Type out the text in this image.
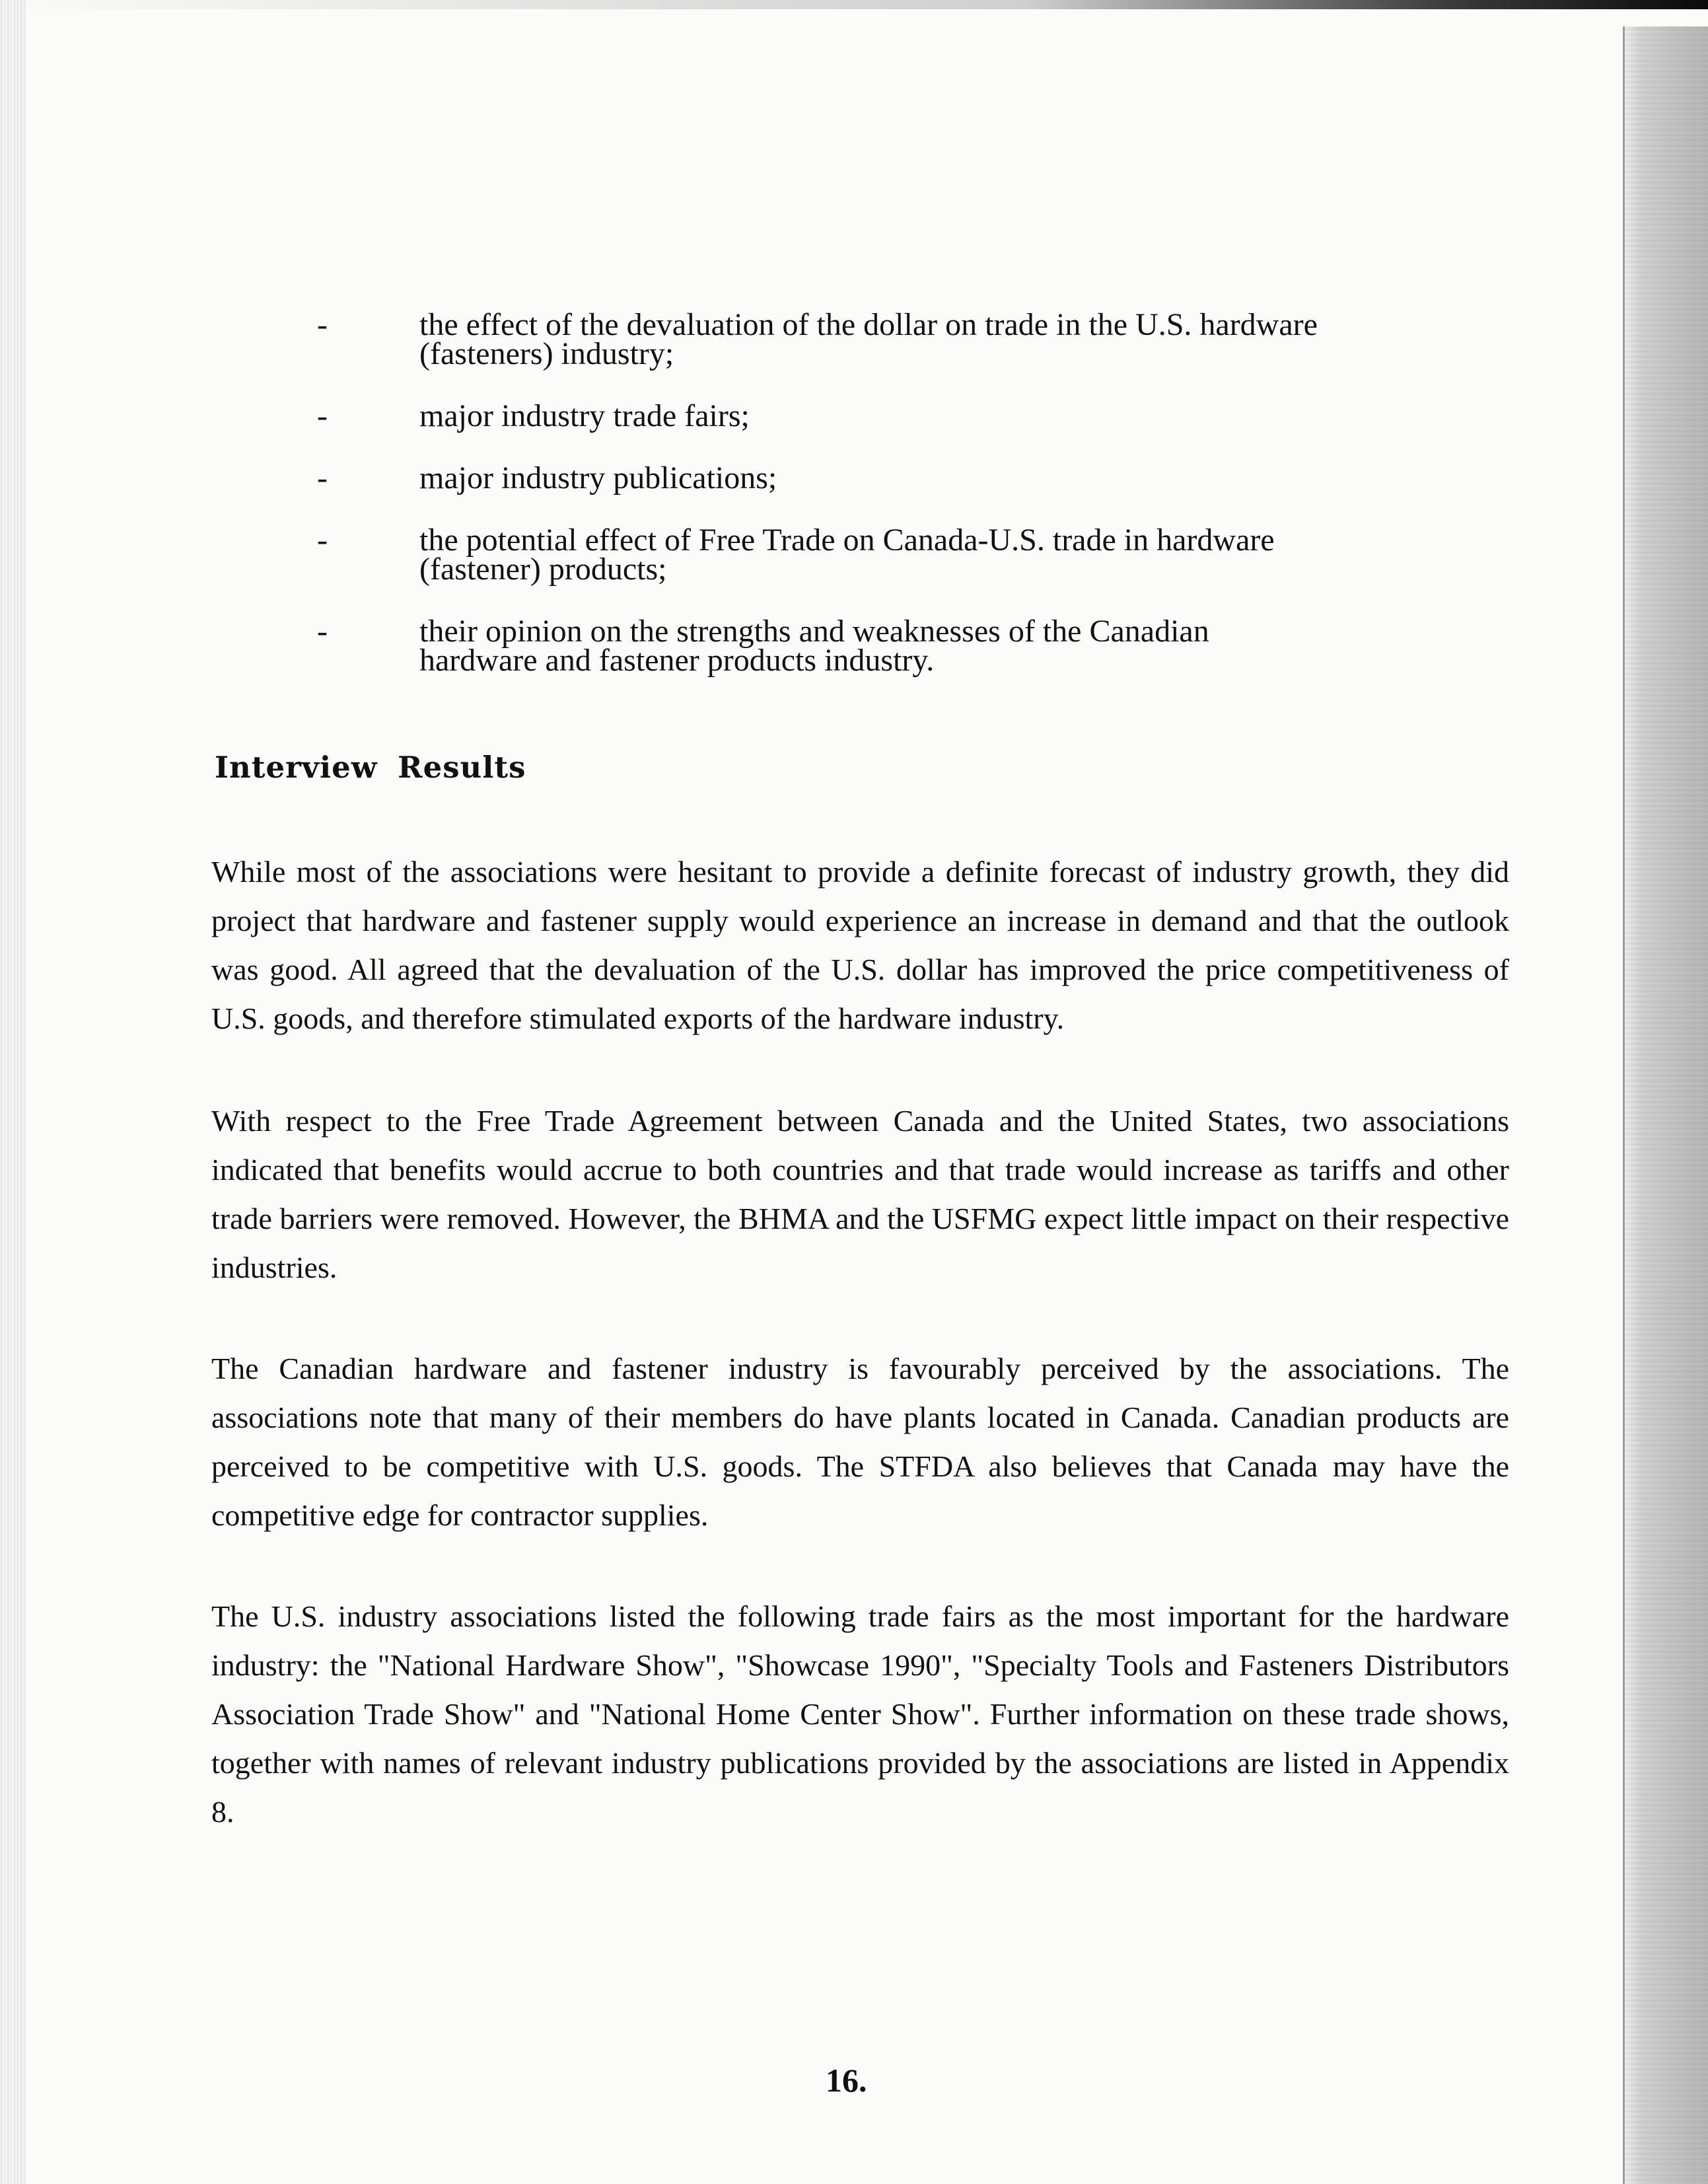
-	the effect of the devaluation of the dollar on trade in the U.S. hardware (fasteners) industry;
-	major industry trade fairs;
-	major industry publications;
-	the potential effect of Free Trade on Canada-U.S. trade in hardware (fastener) products;
-	their opinion on the strengths and weaknesses of the Canadian hardware and fastener products industry.
Interview Results

While most of the associations were hesitant to provide a definite forecast of industry growth, they did project that hardware and fastener supply would experience an increase in demand and that the outlook was good. All agreed that the devaluation of the U.S. dollar has improved the price competitiveness of U.S. goods, and therefore stimulated exports of the hardware industry.

With respect to the Free Trade Agreement between Canada and the United States, two associations indicated that benefits would accrue to both countries and that trade would increase as tariffs and other trade barriers were removed. However, the BHMA and the USFMG expect little impact on their respective industries.

The Canadian hardware and fastener industry is favourably perceived by the associations. The associations note that many of their members do have plants located in Canada. Canadian products are perceived to be competitive with U.S. goods. The STFDA also believes that Canada may have the competitive edge for contractor supplies.

The U.S. industry associations listed the following trade fairs as the most important for the hardware industry: the "National Hardware Show", "Showcase 1990", "Specialty Tools and Fasteners Distributors Association Trade Show" and "National Home Center Show". Further information on these trade shows, together with names of relevant industry publications provided by the associations are listed in Appendix 8.

16.
